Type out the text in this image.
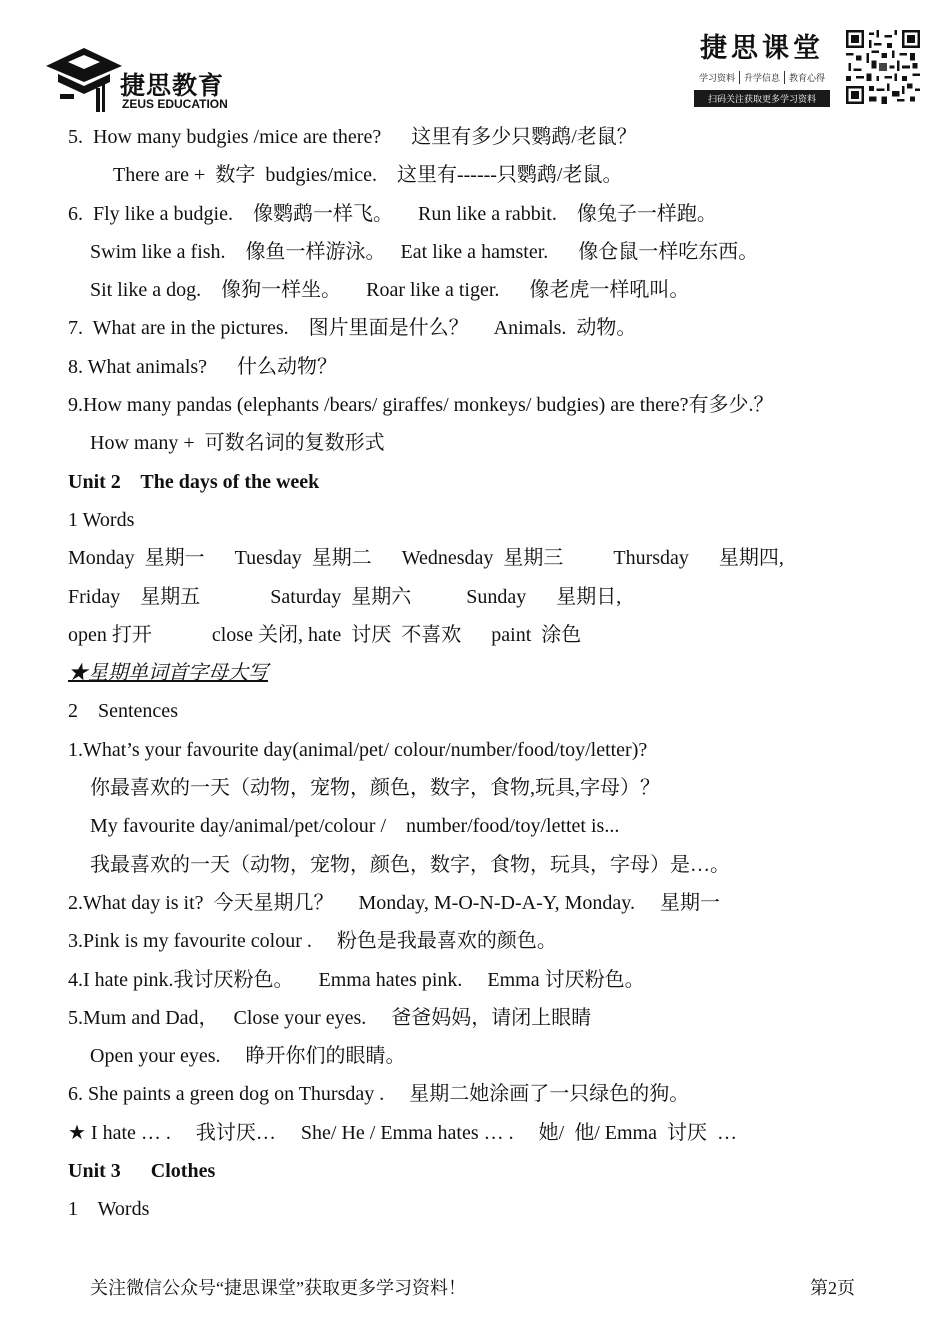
捷思教育
ZEUS EDUCATION
捷思课堂
学习资料	升学信息	教育心得
扫码关注获取更多学习资料
5.  How many budgies /mice are there?      这里有多少只鹦鹉/老鼠？
There are +  数字  budgies/mice.    这里有------只鹦鹉/老鼠。
6.  Fly like a budgie.    像鹦鹉一样飞。     Run like a rabbit.    像兔子一样跑。
Swim like a fish.    像鱼一样游泳。   Eat like a hamster.      像仓鼠一样吃东西。
Sit like a dog.    像狗一样坐。     Roar like a tiger.      像老虎一样吼叫。
7.  What are in the pictures.    图片里面是什么？     Animals.  动物。
8. What animals?      什么动物？
9.How many pandas (elephants /bears/ giraffes/ monkeys/ budgies) are there?有多少.？
How many +  可数名词的复数形式
Unit 2    The days of the week
1 Words
Monday  星期一      Tuesday  星期二      Wednesday  星期三          Thursday      星期四,
Friday    星期五              Saturday  星期六           Sunday      星期日,
open 打开            close 关闭, hate  讨厌  不喜欢      paint  涂色
★星期单词首字母大写
2    Sentences
1.What’s your favourite day(animal/pet/ colour/number/food/toy/letter)?
你最喜欢的一天（动物，宠物，颜色，数字，食物,玩具,字母）？
My favourite day/animal/pet/colour /    number/food/toy/lettet is...
我最喜欢的一天（动物，宠物，颜色，数字，食物，玩具，字母）是…。
2.What day is it?  今天星期几？     Monday, M-O-N-D-A-Y, Monday.     星期一
3.Pink is my favourite colour .     粉色是我最喜欢的颜色。
4.I hate pink.我讨厌粉色。     Emma hates pink.     Emma 讨厌粉色。
5.Mum and Dad，   Close your eyes.     爸爸妈妈，请闭上眼睛
Open your eyes.     睁开你们的眼睛。
6. She paints a green dog on Thursday .     星期二她涂画了一只绿色的狗。
★ I hate … .     我讨厌…     She/ He / Emma hates … .     她/  他/ Emma  讨厌  …
Unit 3      Clothes
1    Words
关注微信公众号“捷思课堂”获取更多学习资料！	第2页
